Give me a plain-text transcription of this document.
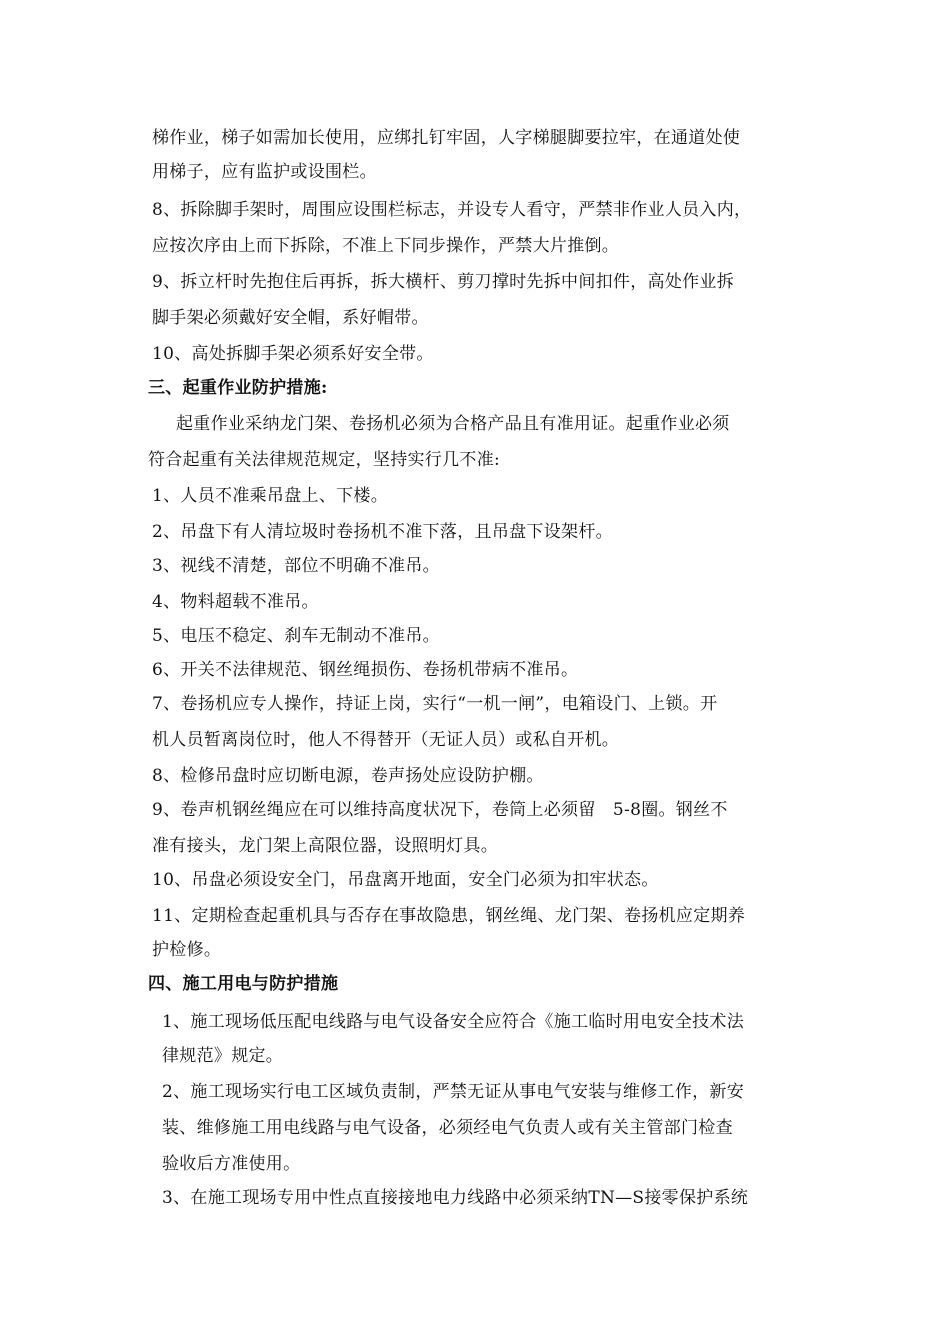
梯作业，梯子如需加长使用，应绑扎钉牢固，人字梯腿脚要拉牢，在通道处使
用梯子，应有监护或设围栏。
8、拆除脚手架时，周围应设围栏标志，并设专人看守，严禁非作业人员入内，
应按次序由上而下拆除，不准上下同步操作，严禁大片推倒。
9、拆立杆时先抱住后再拆，拆大横杆、剪刀撑时先拆中间扣件，高处作业拆
脚手架必须戴好安全帽，系好帽带。
10、高处拆脚手架必须系好安全带。
三、起重作业防护措施:
起重作业采纳龙门架、卷扬机必须为合格产品且有准用证。起重作业必须
符合起重有关法律规范规定，坚持实行几不准:
1、人员不准乘吊盘上、下楼。
2、吊盘下有人清垃圾时卷扬机不准下落，且吊盘下设架杆。
3、视线不清楚，部位不明确不准吊。
4、物料超载不准吊。
5、电压不稳定、刹车无制动不准吊。
6、开关不法律规范、钢丝绳损伤、卷扬机带病不准吊。
7、卷扬机应专人操作，持证上岗，实行“一机一闸”，电箱设门、上锁。开
机人员暂离岗位时，他人不得替开（无证人员）或私自开机。
8、检修吊盘时应切断电源，卷声扬处应设防护棚。
9、卷声机钢丝绳应在可以维持高度状况下，卷筒上必须留　5-8圈。钢丝不
准有接头，龙门架上高限位器，设照明灯具。
10、吊盘必须设安全门，吊盘离开地面，安全门必须为扣牢状态。
11、定期检查起重机具与否存在事故隐患，钢丝绳、龙门架、卷扬机应定期养
护检修。
四、施工用电与防护措施
1、施工现场低压配电线路与电气设备安全应符合《施工临时用电安全技术法
律规范》规定。
2、施工现场实行电工区域负责制，严禁无证从事电气安装与维修工作，新安
装、维修施工用电线路与电气设备，必须经电气负责人或有关主管部门检查
验收后方准使用。
3、在施工现场专用中性点直接接地电力线路中必须采纳TN—S接零保护系统
